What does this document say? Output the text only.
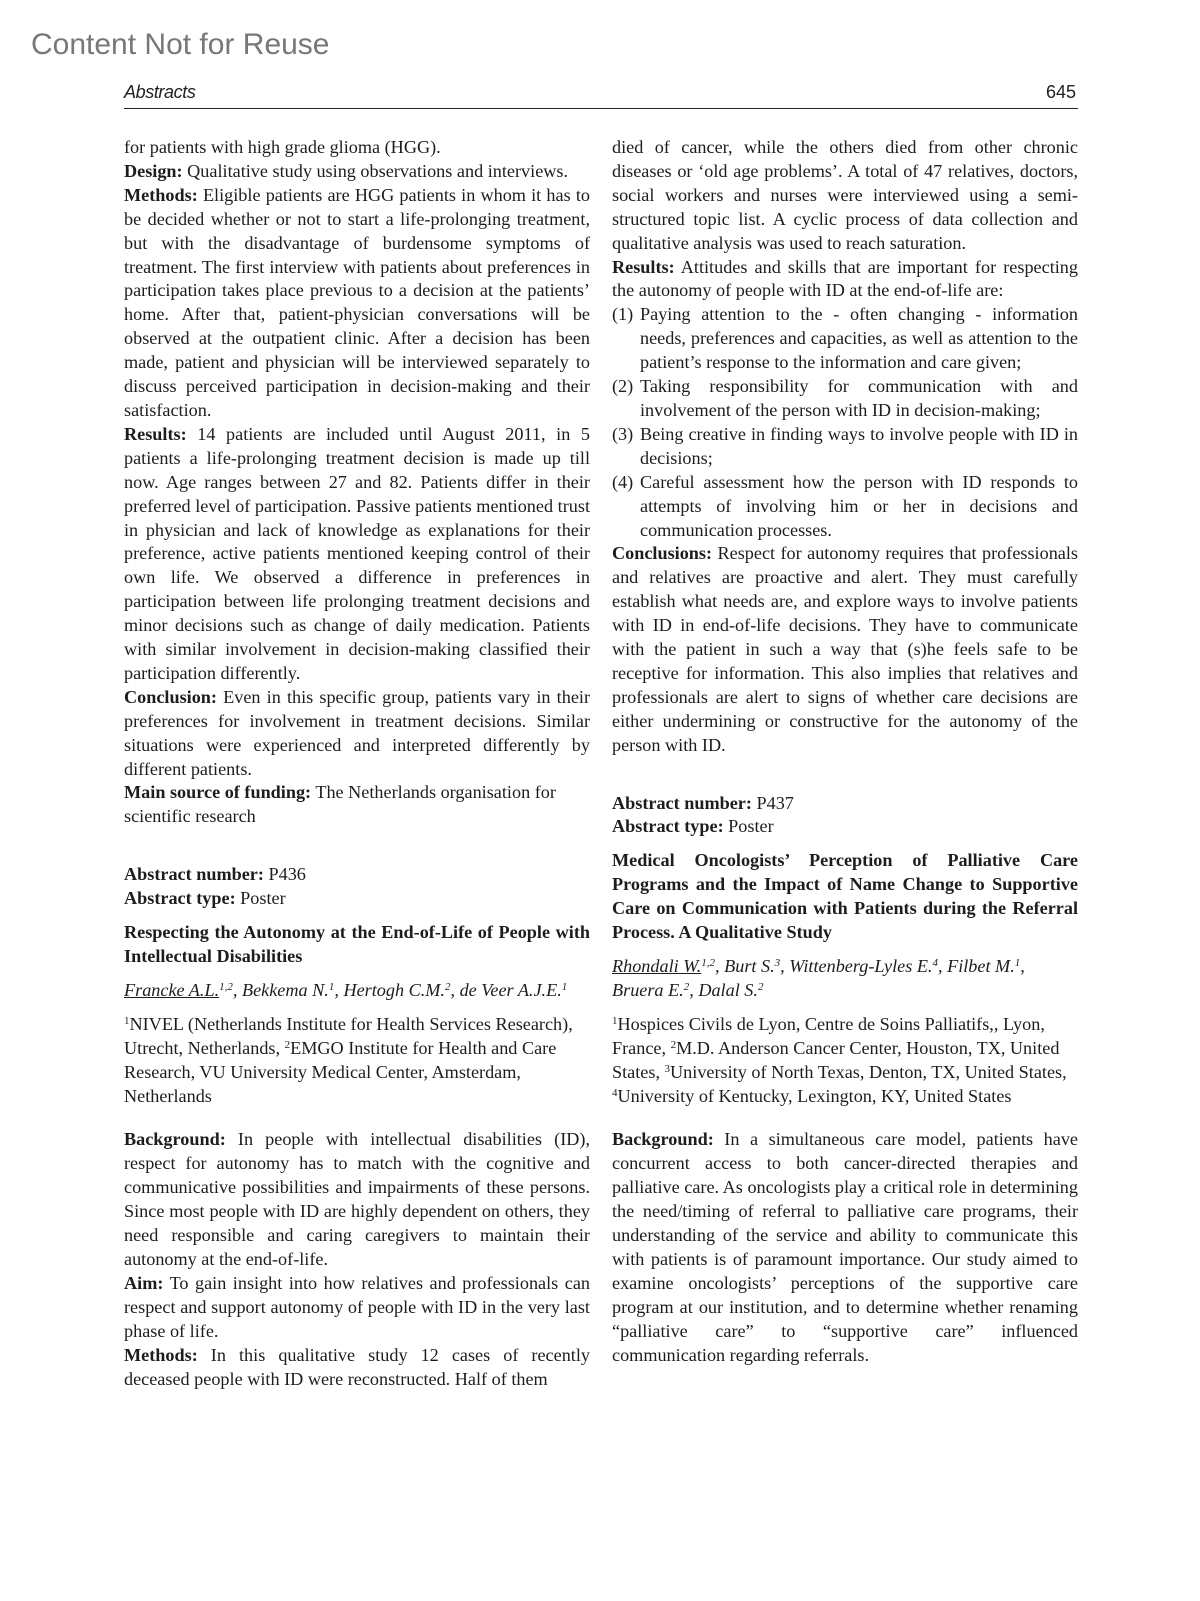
Content Not for Reuse
Abstracts	645

for patients with high grade glioma (HGG).

Design: Qualitative study using observations and interviews.

Methods: Eligible patients are HGG patients in whom it has to be decided whether or not to start a life-prolonging treatment, but with the disadvantage of burdensome symptoms of treatment. The first interview with patients about preferences in participation takes place previous to a decision at the patients’ home. After that, patient-physician conversations will be observed at the outpatient clinic. After a decision has been made, patient and physician will be interviewed separately to discuss perceived participation in decision-making and their satisfaction.

Results: 14 patients are included until August 2011, in 5 patients a life-prolonging treatment decision is made up till now. Age ranges between 27 and 82. Patients differ in their preferred level of participation. Passive patients mentioned trust in physician and lack of knowledge as explanations for their preference, active patients mentioned keeping control of their own life. We observed a difference in preferences in participation between life prolonging treatment decisions and minor decisions such as change of daily medication. Patients with similar involvement in decision-making classified their participation differently.

Conclusion: Even in this specific group, patients vary in their preferences for involvement in treatment decisions. Similar situations were experienced and interpreted differently by different patients.

Main source of funding: The Netherlands organisation for scientific research

Abstract number: P436

Abstract type: Poster

Respecting the Autonomy at the End-of-Life of People with Intellectual Disabilities

Francke A.L.$^{1,2}$, Bekkema N.$^1$, Hertogh C.M.$^2$, de Veer A.J.E.$^1$

$^1$NIVEL (Netherlands Institute for Health Services Research), Utrecht, Netherlands, $^2$EMGO Institute for Health and Care Research, VU University Medical Center, Amsterdam, Netherlands

Background: In people with intellectual disabilities (ID), respect for autonomy has to match with the cognitive and communicative possibilities and impairments of these persons. Since most people with ID are highly dependent on others, they need responsible and caring caregivers to maintain their autonomy at the end-of-life.

Aim: To gain insight into how relatives and professionals can respect and support autonomy of people with ID in the very last phase of life.

Methods: In this qualitative study 12 cases of recently deceased people with ID were reconstructed. Half of them

died of cancer, while the others died from other chronic diseases or ‘old age problems’. A total of 47 relatives, doctors, social workers and nurses were interviewed using a semi-structured topic list. A cyclic process of data collection and qualitative analysis was used to reach saturation.

Results: Attitudes and skills that are important for respecting the autonomy of people with ID at the end-of-life are:

(1) Paying attention to the - often changing - information needs, preferences and capacities, as well as attention to the patient’s response to the information and care given;
(2) Taking responsibility for communication with and involvement of the person with ID in decision-making;
(3) Being creative in finding ways to involve people with ID in decisions;
(4) Careful assessment how the person with ID responds to attempts of involving him or her in decisions and communication processes.

Conclusions: Respect for autonomy requires that professionals and relatives are proactive and alert. They must carefully establish what needs are, and explore ways to involve patients with ID in end-of-life decisions. They have to communicate with the patient in such a way that (s)he feels safe to be receptive for information. This also implies that relatives and professionals are alert to signs of whether care decisions are either undermining or constructive for the autonomy of the person with ID.

Abstract number: P437

Abstract type: Poster

Medical Oncologists’ Perception of Palliative Care Programs and the Impact of Name Change to Supportive Care on Communication with Patients during the Referral Process. A Qualitative Study

Rhondali W.$^{1,2}$, Burt S.$^3$, Wittenberg-Lyles E.$^4$, Filbet M.$^1$, Bruera E.$^2$, Dalal S.$^2$

$^1$Hospices Civils de Lyon, Centre de Soins Palliatifs,, Lyon, France, $^2$M.D. Anderson Cancer Center, Houston, TX, United States, $^3$University of North Texas, Denton, TX, United States, $^4$University of Kentucky, Lexington, KY, United States

Background: In a simultaneous care model, patients have concurrent access to both cancer-directed therapies and palliative care. As oncologists play a critical role in determining the need/timing of referral to palliative care programs, their understanding of the service and ability to communicate this with patients is of paramount importance. Our study aimed to examine oncologists’ perceptions of the supportive care program at our institution, and to determine whether renaming “palliative care” to “supportive care” influenced communication regarding referrals.
